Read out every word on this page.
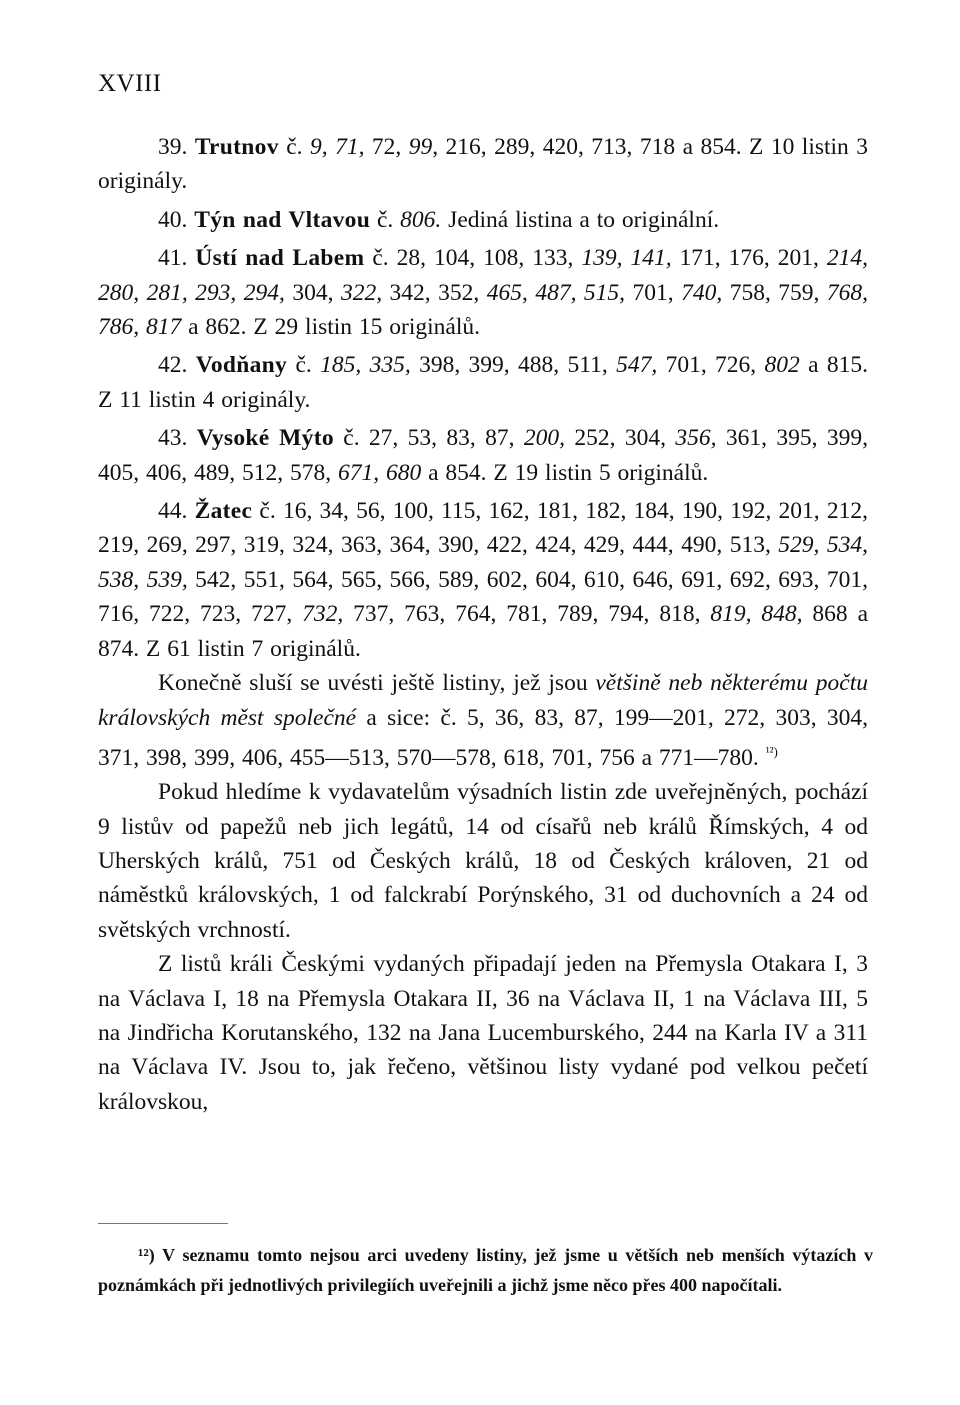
XVIII

39. Trutnov č. 9, 71, 72, 99, 216, 289, 420, 713, 718 a 854. Z 10 listin 3 originály.

40. Týn nad Vltavou č. 806. Jediná listina a to originální.

41. Ústí nad Labem č. 28, 104, 108, 133, 139, 141, 171, 176, 201, 214, 280, 281, 293, 294, 304, 322, 342, 352, 465, 487, 515, 701, 740, 758, 759, 768, 786, 817 a 862. Z 29 listin 15 originálů.

42. Vodňany č. 185, 335, 398, 399, 488, 511, 547, 701, 726, 802 a 815. Z 11 listin 4 originály.

43. Vysoké Mýto č. 27, 53, 83, 87, 200, 252, 304, 356, 361, 395, 399, 405, 406, 489, 512, 578, 671, 680 a 854. Z 19 listin 5 originálů.

44. Žatec č. 16, 34, 56, 100, 115, 162, 181, 182, 184, 190, 192, 201, 212, 219, 269, 297, 319, 324, 363, 364, 390, 422, 424, 429, 444, 490, 513, 529, 534, 538, 539, 542, 551, 564, 565, 566, 589, 602, 604, 610, 646, 691, 692, 693, 701, 716, 722, 723, 727, 732, 737, 763, 764, 781, 789, 794, 818, 819, 848, 868 a 874. Z 61 listin 7 originálů.

Konečně sluší se uvésti ještě listiny, jež jsou většině neb některému počtu královských měst společné a sice: č. 5, 36, 83, 87, 199—201, 272, 303, 304, 371, 398, 399, 406, 455—513, 570—578, 618, 701, 756 a 771—780. $^{^{12})}$

Pokud hledíme k vydavatelům výsadních listin zde uveřejněných, pochází 9 listův od papežů neb jich legátů, 14 od císařů neb králů Římských, 4 od Uherských králů, 751 od Českých králů, 18 od Českých královen, 21 od náměstků královských, 1 od falckrabí Porýnského, 31 od duchovních a 24 od světských vrchností.

Z listů králi Českými vydaných připadají jeden na Přemysla Otakara I, 3 na Václava I, 18 na Přemysla Otakara II, 36 na Václava II, 1 na Václava III, 5 na Jindřicha Korutanského, 132 na Jana Lucemburského, 244 na Karla IV a 311 na Václava IV. Jsou to, jak řečeno, většinou listy vydané pod velkou pečetí královskou,

¹²) V seznamu tomto nejsou arci uvedeny listiny, jež jsme u větších neb menších výtazích v poznámkách při jednotlivých privilegiích uveřejnili a jichž jsme něco přes 400 napočítali.
